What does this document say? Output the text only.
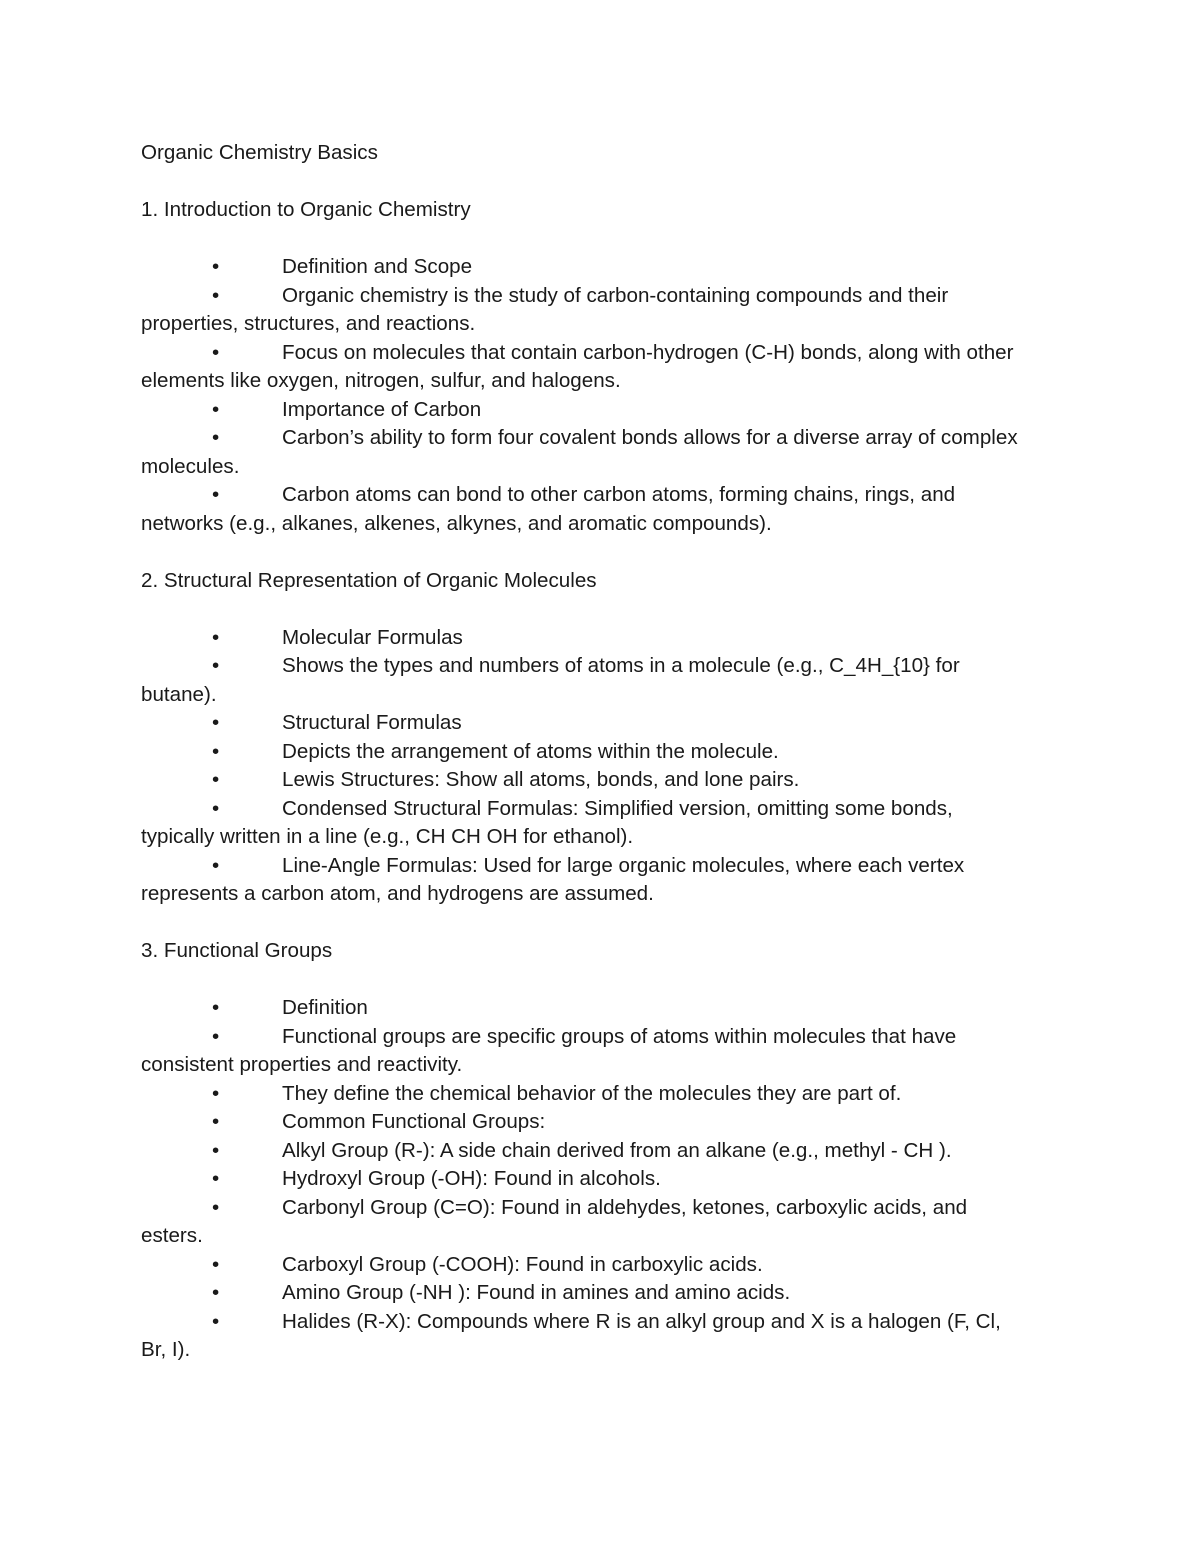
Organic Chemistry Basics
1. Introduction to Organic Chemistry
•	Definition and Scope
•	Organic chemistry is the study of carbon-containing compounds and their
properties, structures, and reactions.
•	Focus on molecules that contain carbon-hydrogen (C-H) bonds, along with other
elements like oxygen, nitrogen, sulfur, and halogens.
•	Importance of Carbon
•	Carbon’s ability to form four covalent bonds allows for a diverse array of complex
molecules.
•	Carbon atoms can bond to other carbon atoms, forming chains, rings, and
networks (e.g., alkanes, alkenes, alkynes, and aromatic compounds).
2. Structural Representation of Organic Molecules
•	Molecular Formulas
•	Shows the types and numbers of atoms in a molecule (e.g., C_4H_{10} for
butane).
•	Structural Formulas
•	Depicts the arrangement of atoms within the molecule.
•	Lewis Structures: Show all atoms, bonds, and lone pairs.
•	Condensed Structural Formulas: Simplified version, omitting some bonds,
typically written in a line (e.g., CH CH OH for ethanol).
•	Line-Angle Formulas: Used for large organic molecules, where each vertex
represents a carbon atom, and hydrogens are assumed.
3. Functional Groups
•	Definition
•	Functional groups are specific groups of atoms within molecules that have
consistent properties and reactivity.
•	They define the chemical behavior of the molecules they are part of.
•	Common Functional Groups:
•	Alkyl Group (R-): A side chain derived from an alkane (e.g., methyl - CH ).
•	Hydroxyl Group (-OH): Found in alcohols.
•	Carbonyl Group (C=O): Found in aldehydes, ketones, carboxylic acids, and
esters.
•	Carboxyl Group (-COOH): Found in carboxylic acids.
•	Amino Group (-NH ): Found in amines and amino acids.
•	Halides (R-X): Compounds where R is an alkyl group and X is a halogen (F, Cl,
Br, I).
